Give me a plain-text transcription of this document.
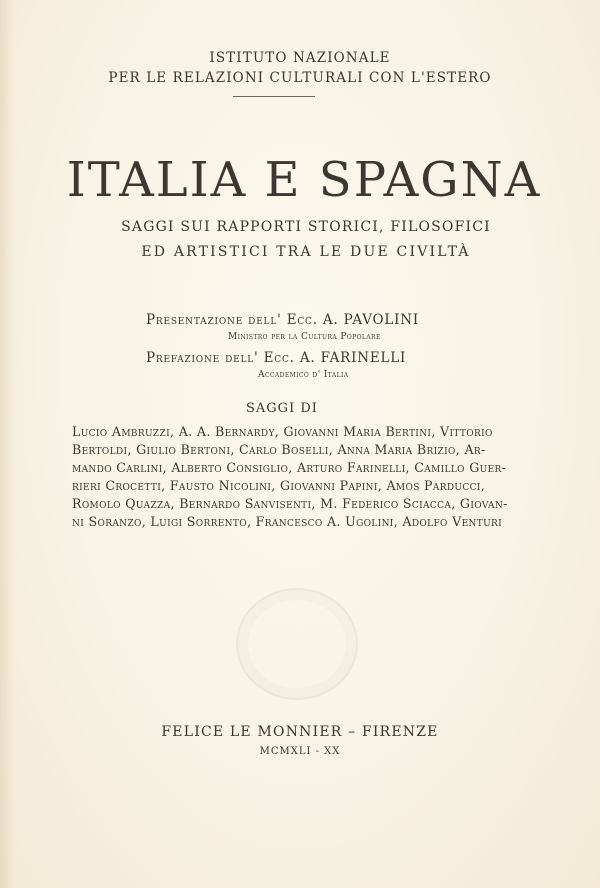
ISTITUTO NAZIONALE
PER LE RELAZIONI CULTURALI CON L'ESTERO
ITALIA E SPAGNA
SAGGI SUI RAPPORTI STORICI, FILOSOFICI
ED ARTISTICI TRA LE DUE CIVILTÀ
Presentazione dell' Ecc. A. PAVOLINI
Ministro per la Cultura Popolare
Prefazione dell' Ecc. A. FARINELLI
Accademico d' Italia
SAGGI DI
Lucio Ambruzzi, A. A. Bernardy, Giovanni Maria Bertini, Vittorio
Bertoldi, Giulio Bertoni, Carlo Boselli, Anna Maria Brizio, Ar-
mando Carlini, Alberto Consiglio, Arturo Farinelli, Camillo Guer-
rieri Crocetti, Fausto Nicolini, Giovanni Papini, Amos Parducci,
Romolo Quazza, Bernardo Sanvisenti, M. Federico Sciacca, Giovan-
ni Soranzo, Luigi Sorrento, Francesco A. Ugolini, Adolfo Venturi
FELICE LE MONNIER – FIRENZE
MCMXLI - XX
